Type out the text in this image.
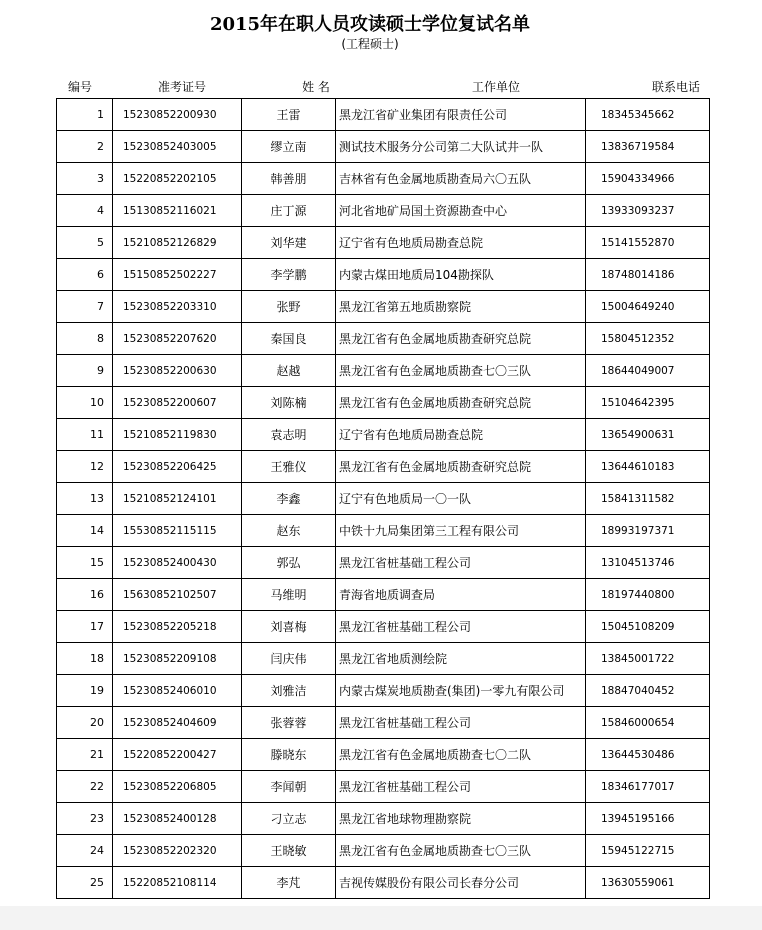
2015年在职人员攻读硕士学位复试名单
(工程硕士)
编号	准考证号	姓 名	工作单位	联系电话
1	15230852200930	王雷	黑龙江省矿业集团有限责任公司	18345345662
2	15230852403005	缪立南	测试技术服务分公司第二大队试井一队	13836719584
3	15220852202105	韩善朋	吉林省有色金属地质勘查局六〇五队	15904334966
4	15130852116021	庄丁源	河北省地矿局国土资源勘查中心	13933093237
5	15210852126829	刘华建	辽宁省有色地质局勘查总院	15141552870
6	15150852502227	李学鹏	内蒙古煤田地质局104勘探队	18748014186
7	15230852203310	张野	黑龙江省第五地质勘察院	15004649240
8	15230852207620	秦国良	黑龙江省有色金属地质勘查研究总院	15804512352
9	15230852200630	赵越	黑龙江省有色金属地质勘查七〇三队	18644049007
10	15230852200607	刘陈楠	黑龙江省有色金属地质勘查研究总院	15104642395
11	15210852119830	袁志明	辽宁省有色地质局勘查总院	13654900631
12	15230852206425	王雅仪	黑龙江省有色金属地质勘查研究总院	13644610183
13	15210852124101	李鑫	辽宁有色地质局一〇一队	15841311582
14	15530852115115	赵东	中铁十九局集团第三工程有限公司	18993197371
15	15230852400430	郭弘	黑龙江省桩基础工程公司	13104513746
16	15630852102507	马维明	青海省地质调查局	18197440800
17	15230852205218	刘喜梅	黑龙江省桩基础工程公司	15045108209
18	15230852209108	闫庆伟	黑龙江省地质测绘院	13845001722
19	15230852406010	刘雅洁	内蒙古煤炭地质勘查(集团)一零九有限公司	18847040452
20	15230852404609	张蓉蓉	黑龙江省桩基础工程公司	15846000654
21	15220852200427	滕晓东	黑龙江省有色金属地质勘查七〇二队	13644530486
22	15230852206805	李闻朝	黑龙江省桩基础工程公司	18346177017
23	15230852400128	刁立志	黑龙江省地球物理勘察院	13945195166
24	15230852202320	王晓敏	黑龙江省有色金属地质勘查七〇三队	15945122715
25	15220852108114	李芃	吉视传媒股份有限公司长春分公司	13630559061
